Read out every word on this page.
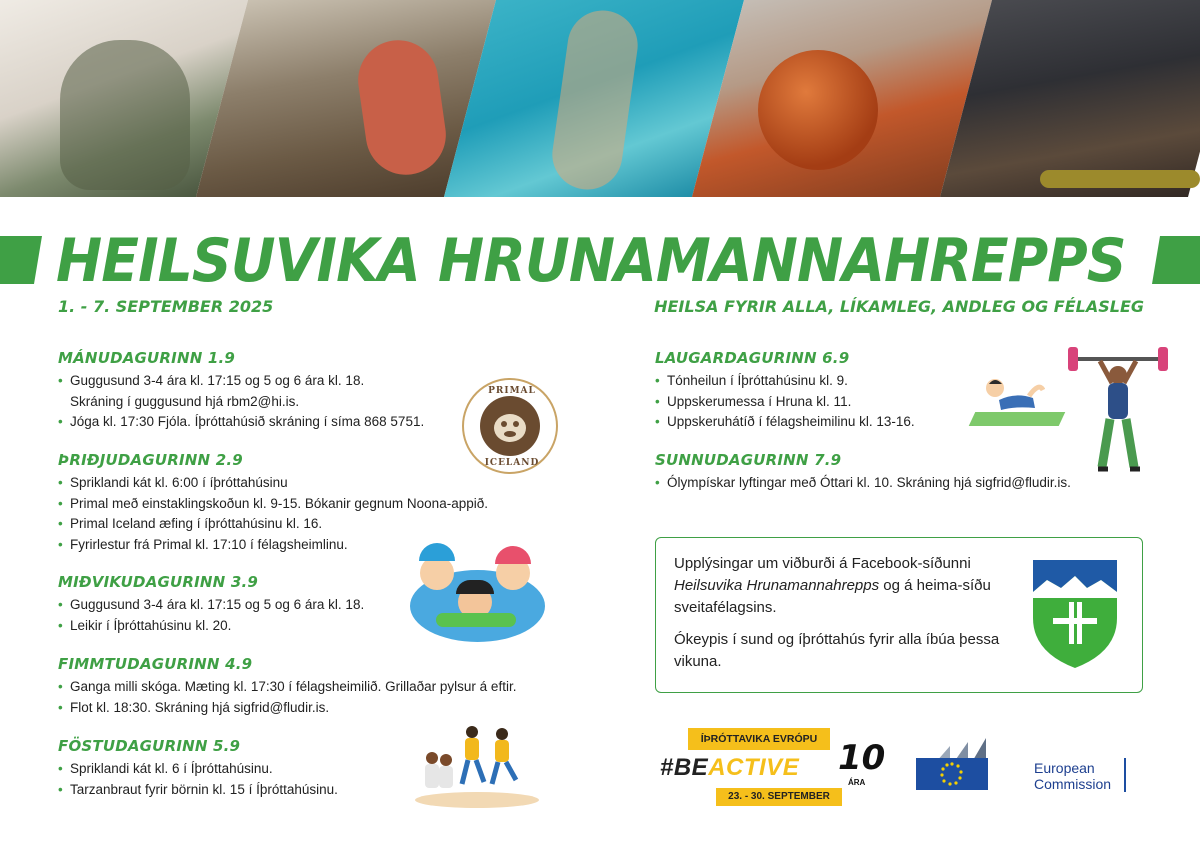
HEILSUVIKA HRUNAMANNAHREPPS
1. - 7. SEPTEMBER 2025	HEILSA FYRIR ALLA, LÍKAMLEG, ANDLEG OG FÉLASLEG
MÁNUDAGURINN 1.9
• Guggusund 3-4 ára kl. 17:15 og 5 og 6 ára kl. 18.
Skráning í guggusund hjá rbm2@hi.is.
• Jóga kl. 17:30 Fjóla. Íþróttahúsið skráning í síma 868 5751.
ÞRIÐJUDAGURINN 2.9
• Spriklandi kát kl. 6:00 í íþróttahúsinu
• Primal með einstaklingskoðun kl. 9-15. Bókanir gegnum Noona-appið.
• Primal Iceland æfing í íþróttahúsinu kl. 16.
• Fyrirlestur frá Primal kl. 17:10 í félagsheimlinu.
MIÐVIKUDAGURINN 3.9
• Guggusund 3-4 ára kl. 17:15 og 5 og 6 ára kl. 18.
• Leikir í Íþróttahúsinu kl. 20.
FIMMTUDAGURINN 4.9
• Ganga milli skóga. Mæting kl. 17:30 í félagsheimilið. Grillaðar pylsur á eftir.
• Flot kl. 18:30. Skráning hjá sigfrid@fludir.is.
FÖSTUDAGURINN 5.9
• Spriklandi kát kl. 6 í Íþróttahúsinu.
• Tarzanbraut fyrir börnin kl. 15 í Íþróttahúsinu.
LAUGARDAGURINN 6.9
• Tónheilun í Íþróttahúsinu kl. 9.
• Uppskerumessa í Hruna kl. 11.
• Uppskeruhátíð í félagsheimilinu kl. 13-16.
SUNNUDAGURINN 7.9
• Ólympískar lyftingar með Óttari kl. 10. Skráning hjá sigfrid@fludir.is.
PRIMAL
ICELAND

Upplýsingar um viðburði á Facebook-síðunni Heilsuvika Hrunamannahrepps og á heima-síðu sveitafélagsins.

Ókeypis í sund og íþróttahús fyrir alla íbúa þessa vikuna.

ÍÞRÓTTAVIKA EVRÓPU
#BEACTIVE
23. - 30. SEPTEMBER
10
ÁRA
European
Commission
